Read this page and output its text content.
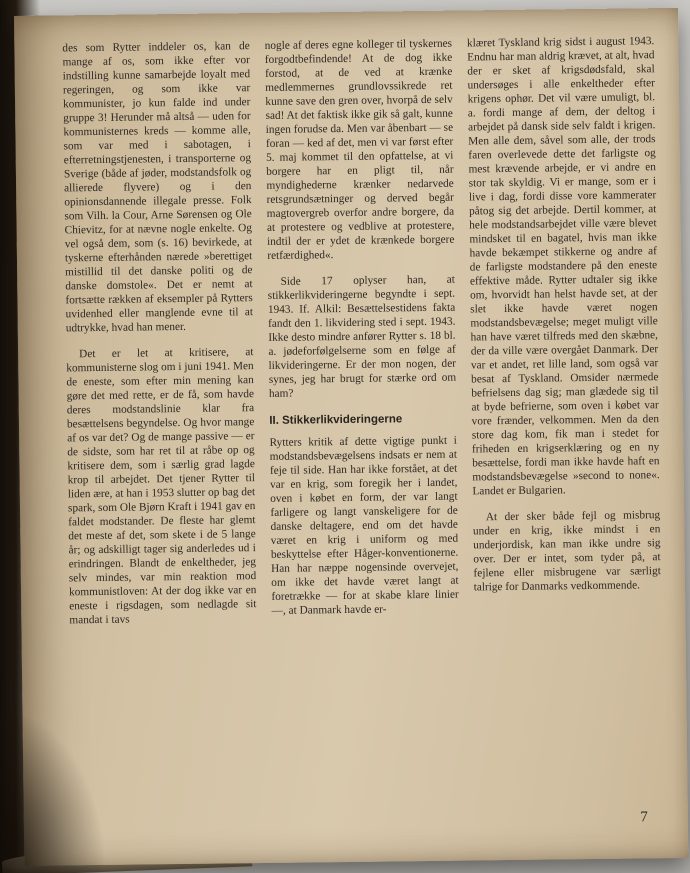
des som Rytter inddeler os, kan de mange af os, som ikke efter vor indstilling kunne samarbejde loyalt med regeringen, og som ikke var kommunister, jo kun falde ind under gruppe 3! Herunder må altså — uden for kommunisternes kreds — komme alle, som var med i sabotagen, i efterretningstjenesten, i transporterne og Sverige (både af jøder, modstandsfolk og allierede flyvere) og i den opinionsdannende illegale presse. Folk som Vilh. la Cour, Arne Sørensen og Ole Chievitz, for at nævne nogle enkelte. Og vel også dem, som (s. 16) bevirkede, at tyskerne efterhånden nærede »berettiget mistillid til det danske politi og de danske domstole«. Det er nemt at fortsætte rækken af eksempler på Rytters uvidenhed eller manglende evne til at udtrykke, hvad han mener.

Det er let at kritisere, at kommunisterne slog om i juni 1941. Men de eneste, som efter min mening kan gøre det med rette, er de få, som havde deres modstandslinie klar fra besættelsens begyndelse. Og hvor mange af os var det? Og de mange passive — er de sidste, som har ret til at råbe op og kritisere dem, som i særlig grad lagde krop til arbejdet. Det tjener Rytter til liden ære, at han i 1953 slutter op bag det spark, som Ole Bjørn Kraft i 1941 gav en faldet modstander. De fleste har glemt det meste af det, som skete i de 5 lange år; og adskilligt tager sig anderledes ud i erindringen. Blandt de enkeltheder, jeg selv mindes, var min reaktion mod kommunistloven: At der dog ikke var en eneste i rigsdagen, som nedlagde sit mandat i tavs

nogle af deres egne kolleger til tyskernes forgodtbefindende! At de dog ikke forstod, at de ved at krænke medlemmernes grundlovssikrede ret kunne save den gren over, hvorpå de selv sad! At det faktisk ikke gik så galt, kunne ingen forudse da. Men var åbenbart — se foran — ked af det, men vi var først efter 5. maj kommet til den opfattelse, at vi borgere har en pligt til, når myndighederne krænker nedarvede retsgrundsætninger og derved begår magtovergreb overfor andre borgere, da at protestere og vedblive at protestere, indtil der er ydet de krænkede borgere retfærdighed«.

Side 17 oplyser han, at stikkerlikvideringerne begyndte i sept. 1943. If. Alkil: Besættelsestidens fakta fandt den 1. likvidering sted i sept. 1943. Ikke desto mindre anfører Rytter s. 18 bl. a. jødeforfølgelserne som en følge af likvideringerne. Er der mon nogen, der synes, jeg har brugt for stærke ord om ham?

II. Stikkerlikvideringerne

Rytters kritik af dette vigtige punkt i modstandsbevægelsens indsats er nem at feje til side. Han har ikke forstået, at det var en krig, som foregik her i landet, oven i købet en form, der var langt farligere og langt vanskeligere for de danske deltagere, end om det havde været en krig i uniform og med beskyttelse efter Håger-konventionerne. Han har næppe nogensinde overvejet, om ikke det havde været langt at foretrække — for at skabe klare linier —, at Danmark havde er-

klæret Tyskland krig sidst i august 1943. Endnu har man aldrig krævet, at alt, hvad der er sket af krigsdødsfald, skal undersøges i alle enkeltheder efter krigens ophør. Det vil være umuligt, bl. a. fordi mange af dem, der deltog i arbejdet på dansk side selv faldt i krigen. Men alle dem, såvel som alle, der trods faren overlevede dette det farligste og mest krævende arbejde, er vi andre en stor tak skyldig. Vi er mange, som er i live i dag, fordi disse vore kammerater påtog sig det arbejde. Dertil kommer, at hele modstandsarbejdet ville være blevet mindsket til en bagatel, hvis man ikke havde bekæmpet stikkerne og andre af de farligste modstandere på den eneste effektive måde. Rytter udtaler sig ikke om, hvorvidt han helst havde set, at der slet ikke havde været nogen modstandsbevægelse; meget muligt ville han have været tilfreds med den skæbne, der da ville være overgået Danmark. Der var et andet, ret lille land, som også var besat af Tyskland. Omsider nærmede befrielsens dag sig; man glædede sig til at byde befrierne, som oven i købet var vore frænder, velkommen. Men da den store dag kom, fik man i stedet for friheden en krigserklæring og en ny besættelse, fordi man ikke havde haft en modstandsbevægelse »second to none«. Landet er Bulgarien.

At der sker både fejl og misbrug under en krig, ikke mindst i en underjordisk, kan man ikke undre sig over. Der er intet, som tyder på, at fejlene eller misbrugene var særligt talrige for Danmarks vedkommende.

7
